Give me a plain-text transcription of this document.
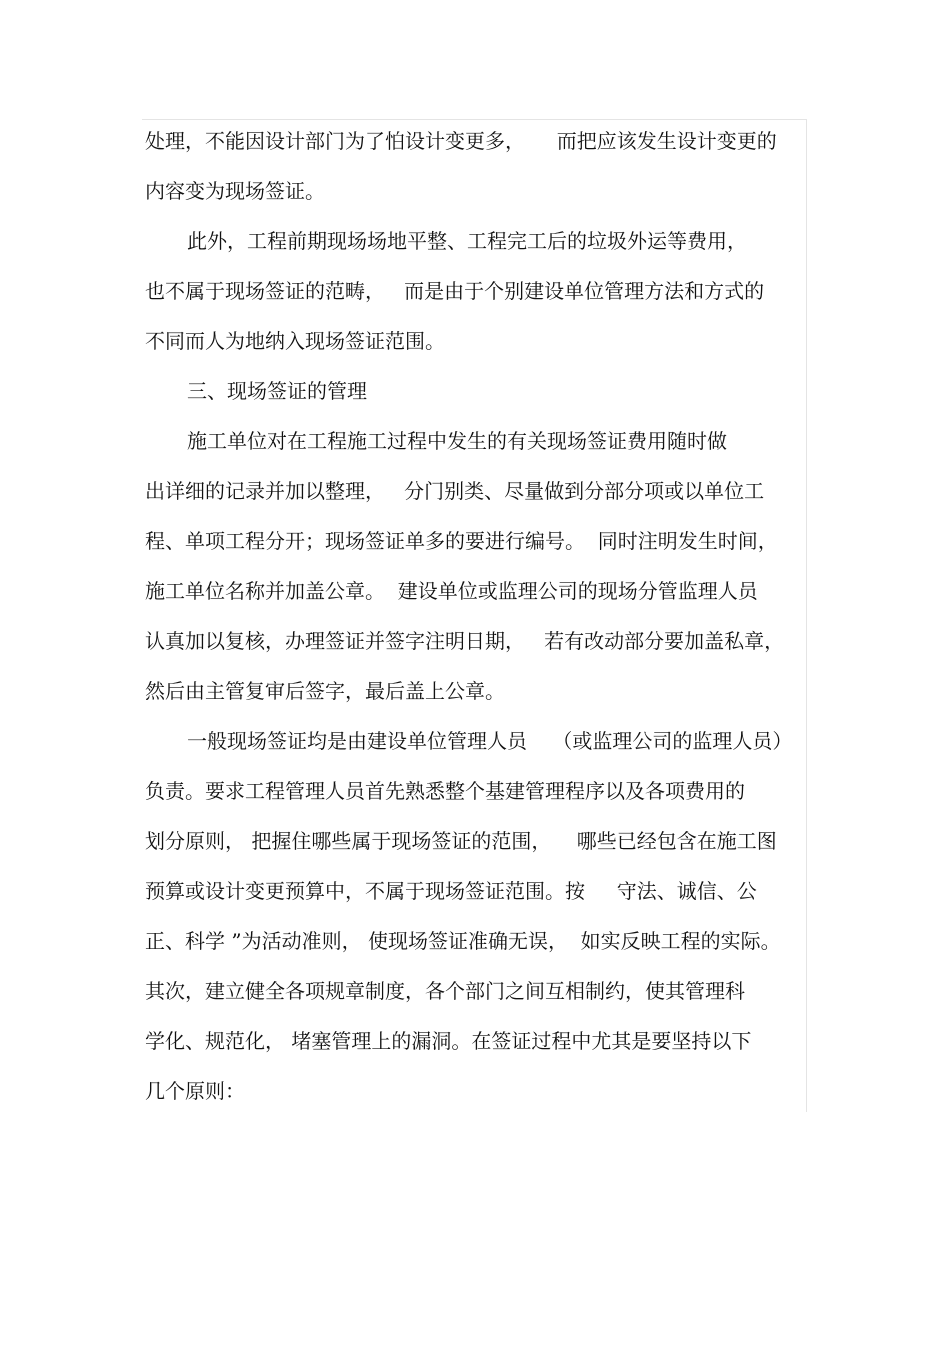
处理，不能因设计部门为了怕设计变更多，     而把应该发生设计变更的

内容变为现场签证。

此外，工程前期现场场地平整、工程完工后的垃圾外运等费用，

也不属于现场签证的范畴，   而是由于个别建设单位管理方法和方式的

不同而人为地纳入现场签证范围。

三、现场签证的管理

施工单位对在工程施工过程中发生的有关现场签证费用随时做

出详细的记录并加以整理，   分门别类、尽量做到分部分项或以单位工

程、单项工程分开；现场签证单多的要进行编号。  同时注明发生时间，

施工单位名称并加盖公章。  建设单位或监理公司的现场分管监理人员

认真加以复核，办理签证并签字注明日期，   若有改动部分要加盖私章，

然后由主管复审后签字，最后盖上公章。

一般现场签证均是由建设单位管理人员    （或监理公司的监理人员）

负责。要求工程管理人员首先熟悉整个基建管理程序以及各项费用的

划分原则， 把握住哪些属于现场签证的范围，    哪些已经包含在施工图

预算或设计变更预算中，不属于现场签证范围。按     守法、诚信、公

正、科学 ”为活动准则， 使现场签证准确无误，  如实反映工程的实际。

其次，建立健全各项规章制度，各个部门之间互相制约，使其管理科

学化、规范化， 堵塞管理上的漏洞。在签证过程中尤其是要坚持以下

几个原则：
